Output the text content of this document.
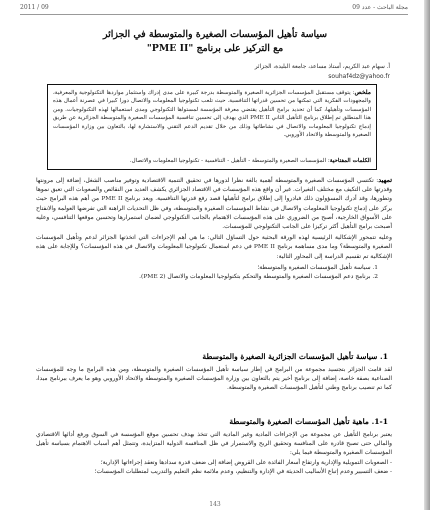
مجلة الباحث - عدد 09
2011 / 09
سياسة تأهيل المؤسسات الصغيرة والمتوسطة في الجزائر
مع التركيز على برنامج "PME II"
أ. سهام عبد الكريم، أستاذ مساعد، جامعة البليدة، الجزائر
souhaf4dz@yahoo.fr
ملخص: يتوقف مستقبل المؤسسات الجزائرية الصغيرة والمتوسطة بدرجة كبيرة على مدى إدراك واستثمار مواردها التكنولوجية والمعرفية، والمجهودات الفكرية التي تمكنها من تحسين قدراتها التنافسية. حيث تلعب تكنولوجيا المعلومات والاتصال دورا كبيرا في عصرنة أعمال هذه المؤسسات وتأهيلها، كما أن تحديد برامج التأهيل يقتضي معرفة المؤسسة لمستواها التكنولوجي ومدى استعمالها لهذه التكنولوجيات. ومن هذا المنطلق تم إطلاق برنامج التأهيل الثاني PME II الذي يهدف إلى تحسين تنافسية المؤسسات الصغيرة والمتوسطة الجزائرية عن طريق إدماج تكنولوجيا المعلومات والاتصال في نشاطاتها وذلك من خلال تقديم الدعم التقني والاستشارة لها، بالتعاون بين وزارة المؤسسات الصغيرة والمتوسطة والاتحاد الأوروبي.
الكلمات المفتاحية: المؤسسات الصغيرة والمتوسطة - التأهيل - التنافسية - تكنولوجيا المعلومات والاتصال.
تمهيد: تكتسي المؤسسات الصغيرة والمتوسطة أهمية بالغة نظرا لدورها في تحقيق التنمية الاقتصادية وتوفير مناصب الشغل، إضافة إلى مرونتها وقدرتها على التكيف مع مختلف التغيرات. غير أن واقع هذه المؤسسات في الاقتصاد الجزائري يكشف العديد من النقائص والصعوبات التي تعيق نموها وتطورها، وقد أدرك المسؤولون ذلك فبادروا إلى إطلاق برامج لتأهيلها قصد رفع قدرتها التنافسية. ويعد برنامج PME II من أهم هذه البرامج حيث يركز على إدماج تكنولوجيا المعلومات والاتصال في نشاط المؤسسات الصغيرة والمتوسطة، وفي ظل التحديات الراهنة التي تفرضها العولمة والانفتاح على الأسواق الخارجية، أصبح من الضروري على هذه المؤسسات الاهتمام بالجانب التكنولوجي لضمان استمرارها وتحسين موقعها التنافسي، وعليه أصبحت برامج التأهيل أكثر تركيزا على الجانب التكنولوجي للمؤسسات.
وعليه تتمحور الإشكالية الرئيسية لهذه الورقة البحثية حول التساؤل التالي: ما هي أهم الإجراءات التي اتخذتها الجزائر لدعم وتأهيل المؤسسات الصغيرة والمتوسطة؟ وما مدى مساهمة برنامج PME II في دعم استعمال تكنولوجيا المعلومات والاتصال في هذه المؤسسات؟ وللإجابة على هذه الإشكالية تم تقسيم الدراسة إلى المحاور التالية:
1. سياسة تأهيل المؤسسات الصغيرة والمتوسطة؛
2. برنامج دعم المؤسسات الصغيرة والمتوسطة والتحكم بتكنولوجيا المعلومات والاتصال (PME 2).
1. سياسة تأهيل المؤسسات الجزائرية الصغيرة والمتوسطة
لقد قامت الجزائر بتجسيد مجموعة من البرامج في إطار سياسة تأهيل المؤسسات الصغيرة والمتوسطة، ومن هذه البرامج ما وجه للمؤسسات الصناعية بصفة خاصة، إضافة إلى برنامج أخير يتم بالتعاون بين وزارة المؤسسات الصغيرة والمتوسطة والاتحاد الأوروبي وهو ما يعرف ببرنامج ميدا، كما تم تنصيب برنامج وطني لتأهيل المؤسسات الصغيرة والمتوسطة.
1-1. ماهية تأهيل المؤسسات الصغيرة والمتوسطة
يعتبر برنامج التأهيل عن مجموعة من الإجراءات المادية وغير المادية التي تتخذ بهدف تحسين موقع المؤسسة في السوق ورفع أدائها الاقتصادي والمالي حتى تصبح قادرة على المنافسة وتحقيق الربح والاستمرار في ظل المنافسة الدولية المتزايدة، وتتمثل أهم أسباب الاهتمام بسياسة تأهيل المؤسسات الصغيرة والمتوسطة فيما يلي:
- الصعوبات التمويلية والإدارية وارتفاع أسعار الفائدة على القروض إضافة إلى ضعف قدرة سدادها وتعقد إجراءاتها الإدارية؛
- ضعف التسيير وعدم إتباع الأساليب الحديثة في الإدارة والتنظيم، وعدم ملائمة نظم التعليم والتدريب لمتطلبات المؤسسات؛
143
